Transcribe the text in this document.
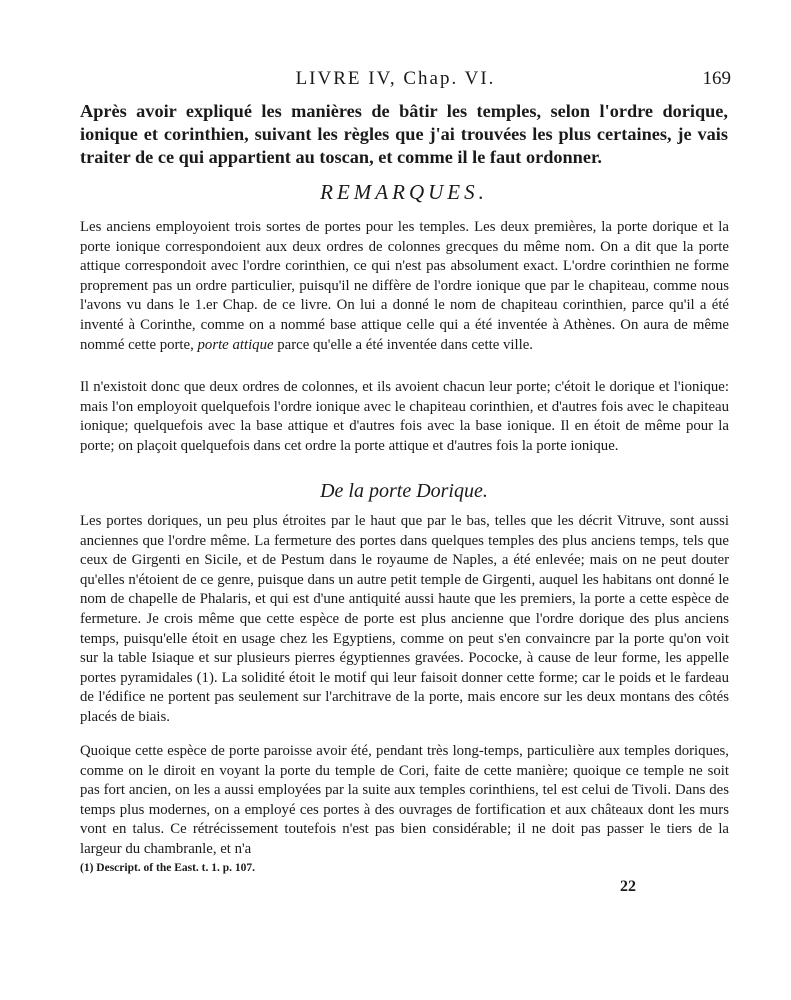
LIVRE IV, Chap. VI.	169
Après avoir expliqué les manières de bâtir les temples, selon l'ordre dorique, ionique et corinthien, suivant les règles que j'ai trouvées les plus certaines, je vais traiter de ce qui appartient au toscan, et comme il le faut ordonner.
REMARQUES.
Les anciens employoient trois sortes de portes pour les temples. Les deux premières, la porte dorique et la porte ionique correspondoient aux deux ordres de colonnes grecques du même nom. On a dit que la porte attique correspondoit avec l'ordre corinthien, ce qui n'est pas absolument exact. L'ordre corinthien ne forme proprement pas un ordre particulier, puisqu'il ne diffère de l'ordre ionique que par le chapiteau, comme nous l'avons vu dans le 1.er Chap. de ce livre. On lui a donné le nom de chapiteau corinthien, parce qu'il a été inventé à Corinthe, comme on a nommé base attique celle qui a été inventée à Athènes. On aura de même nommé cette porte, porte attique parce qu'elle a été inventée dans cette ville.
Il n'existoit donc que deux ordres de colonnes, et ils avoient chacun leur porte; c'étoit le dorique et l'ionique: mais l'on employoit quelquefois l'ordre ionique avec le chapiteau corinthien, et d'autres fois avec le chapiteau ionique; quelquefois avec la base attique et d'autres fois avec la base ionique. Il en étoit de même pour la porte; on plaçoit quelquefois dans cet ordre la porte attique et d'autres fois la porte ionique.
De la porte Dorique.
Les portes doriques, un peu plus étroites par le haut que par le bas, telles que les décrit Vitruve, sont aussi anciennes que l'ordre même. La fermeture des portes dans quelques temples des plus anciens temps, tels que ceux de Girgenti en Sicile, et de Pestum dans le royaume de Naples, a été enlevée; mais on ne peut douter qu'elles n'étoient de ce genre, puisque dans un autre petit temple de Girgenti, auquel les habitans ont donné le nom de chapelle de Phalaris, et qui est d'une antiquité aussi haute que les premiers, la porte a cette espèce de fermeture. Je crois même que cette espèce de porte est plus ancienne que l'ordre dorique des plus anciens temps, puisqu'elle étoit en usage chez les Egyptiens, comme on peut s'en convaincre par la porte qu'on voit sur la table Isiaque et sur plusieurs pierres égyptiennes gravées. Pococke, à cause de leur forme, les appelle portes pyramidales (1). La solidité étoit le motif qui leur faisoit donner cette forme; car le poids et le fardeau de l'édifice ne portent pas seulement sur l'architrave de la porte, mais encore sur les deux montans des côtés placés de biais.
Quoique cette espèce de porte paroisse avoir été, pendant très long-temps, particulière aux temples doriques, comme on le diroit en voyant la porte du temple de Cori, faite de cette manière; quoique ce temple ne soit pas fort ancien, on les a aussi employées par la suite aux temples corinthiens, tel est celui de Tivoli. Dans des temps plus modernes, on a employé ces portes à des ouvrages de fortification et aux châteaux dont les murs vont en talus. Ce rétrécissement toutefois n'est pas bien considérable; il ne doit pas passer le tiers de la largeur du chambranle, et n'a
(1) Descript. of the East. t. 1. p. 107.
22
